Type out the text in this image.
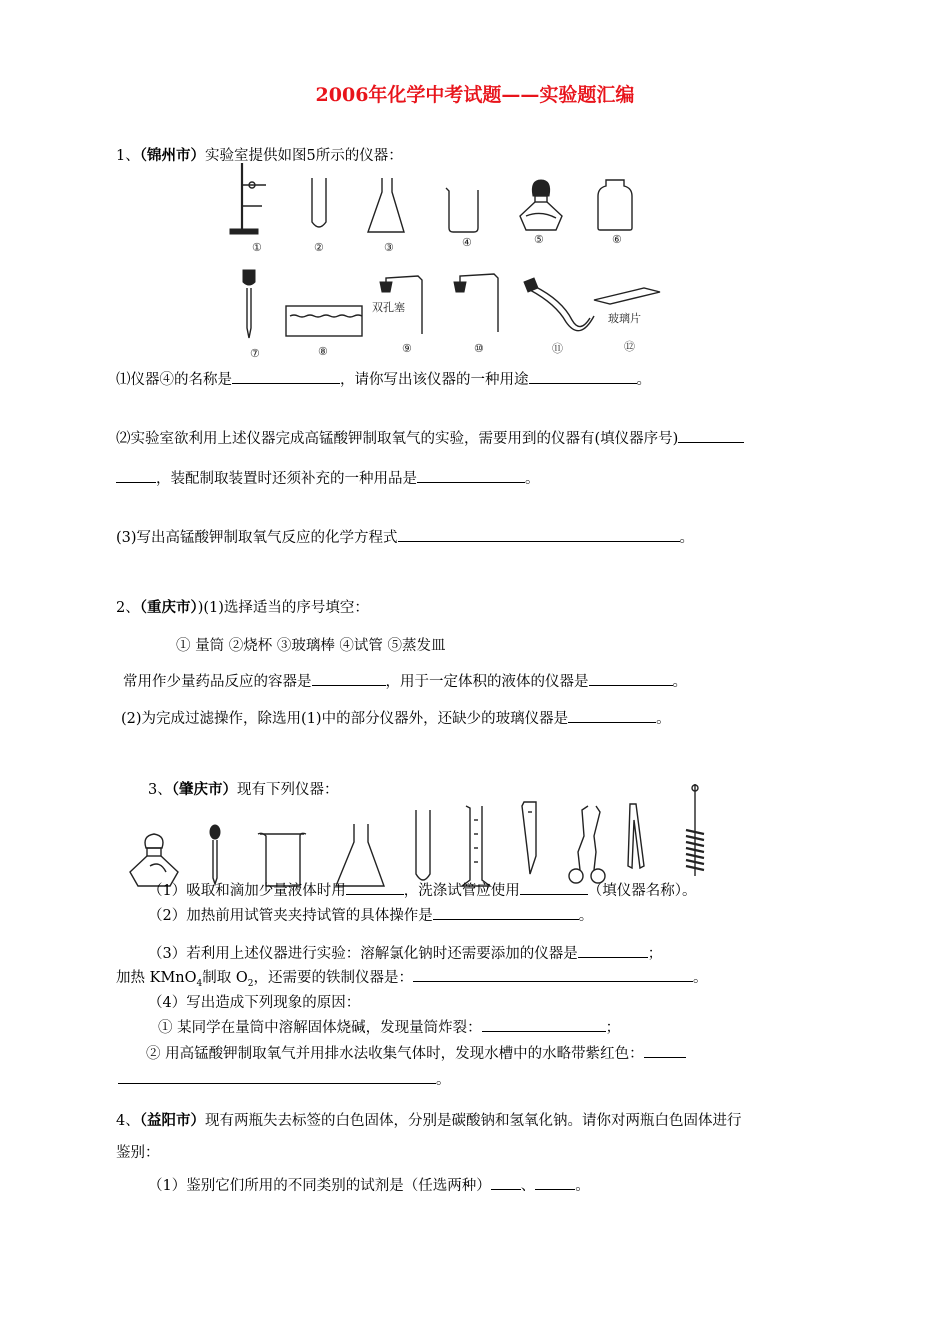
2006年化学中考试题——实验题汇编
1、（锦州市）实验室提供如图5所示的仪器：
双孔塞
玻璃片
①	②	③	④	⑤	⑥
⑦	⑧	⑨	⑩	⑪	⑫
⑴仪器④的名称是	，请你写出该仪器的一种用途	。
⑵实验室欲利用上述仪器完成高锰酸钾制取氧气的实验，需要用到的仪器有(填仪器序号)
，装配制取装置时还须补充的一种用品是	。
(3)写出高锰酸钾制取氧气反应的化学方程式	。
2、（重庆市）)(1)选择适当的序号填空：
① 量筒 ②烧杯 ③玻璃棒 ④试管 ⑤蒸发皿
常用作少量药品反应的容器是	，用于一定体积的液体的仪器是	。
(2)为完成过滤操作，除选用(1)中的部分仪器外，还缺少的玻璃仪器是	。
3、（肇庆市）现有下列仪器：
（1）吸取和滴加少量液体时用	，洗涤试管应使用	（填仪器名称）。
（2）加热前用试管夹夹持试管的具体操作是	。
（3）若利用上述仪器进行实验：溶解氯化钠时还需要添加的仪器是	；
加热 KMnO$_4$制取 $O_2$，还需要的铁制仪器是：	。
（4）写出造成下列现象的原因：
① 某同学在量筒中溶解固体烧碱，发现量筒炸裂：	；
② 用高锰酸钾制取氧气并用排水法收集气体时，发现水槽中的水略带紫红色：
。
4、（益阳市）现有两瓶失去标签的白色固体，分别是碳酸钠和氢氧化钠。请你对两瓶白色固体进行
鉴别：
（1）鉴别它们所用的不同类别的试剂是（任选两种） 、	。
